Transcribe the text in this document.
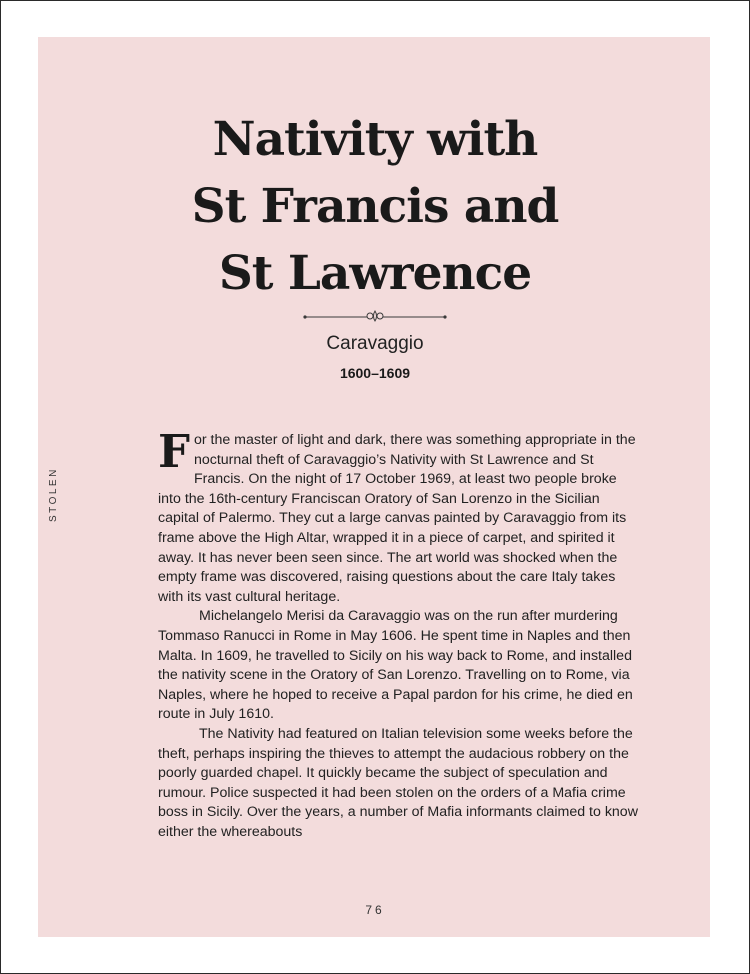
Nativity with
St Francis and
St Lawrence
Caravaggio
1600–1609
STOLEN

For the master of light and dark, there was something appropriate in the nocturnal theft of Caravaggio’s Nativity with St Lawrence and St Francis. On the night of 17 October 1969, at least two people broke into the 16th-century Franciscan Oratory of San Lorenzo in the Sicilian capital of Palermo. They cut a large canvas painted by Caravaggio from its frame above the High Altar, wrapped it in a piece of carpet, and spirited it away. It has never been seen since. The art world was shocked when the empty frame was discovered, raising questions about the care Italy takes with its vast cultural heritage.

Michelangelo Merisi da Caravaggio was on the run after murdering Tommaso Ranucci in Rome in May 1606. He spent time in Naples and then Malta. In 1609, he travelled to Sicily on his way back to Rome, and installed the nativity scene in the Oratory of San Lorenzo. Travelling on to Rome, via Naples, where he hoped to receive a Papal pardon for his crime, he died en route in July 1610.

The Nativity had featured on Italian television some weeks before the theft, perhaps inspiring the thieves to attempt the audacious robbery on the poorly guarded chapel. It quickly became the subject of speculation and rumour. Police suspected it had been stolen on the orders of a Mafia crime boss in Sicily. Over the years, a number of Mafia informants claimed to know either the whereabouts

76
